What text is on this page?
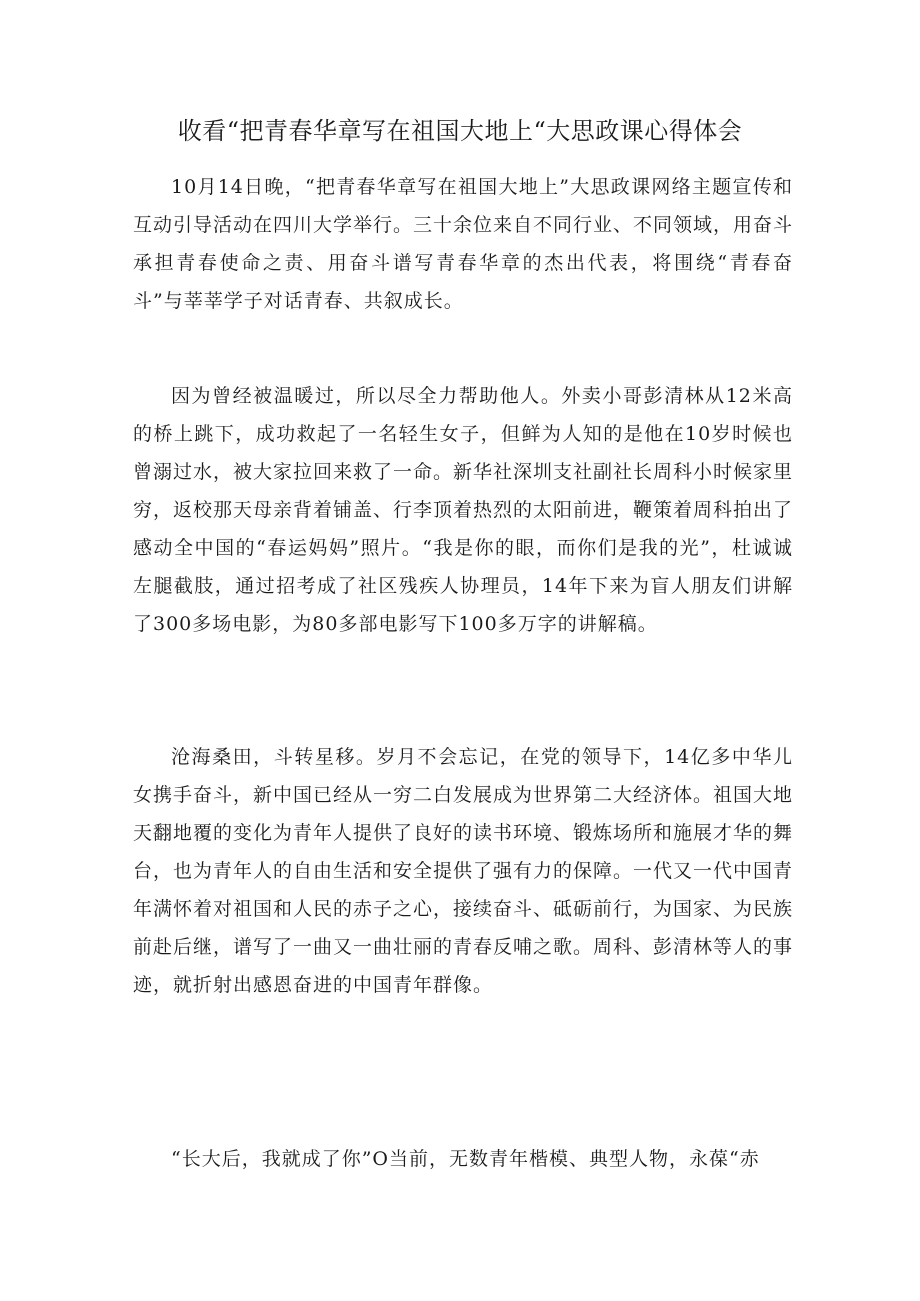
收看“把青春华章写在祖国大地上“大思政课心得体会

10月14日晚，“把青春华章写在祖国大地上”大思政课网络主题宣传和互动引导活动在四川大学举行。三十余位来自不同行业、不同领域，用奋斗承担青春使命之责、用奋斗谱写青春华章的杰出代表，将围绕“青春奋斗”与莘莘学子对话青春、共叙成长。

因为曾经被温暖过，所以尽全力帮助他人。外卖小哥彭清林从12米高的桥上跳下，成功救起了一名轻生女子，但鲜为人知的是他在10岁时候也曾溺过水，被大家拉回来救了一命。新华社深圳支社副社长周科小时候家里穷，返校那天母亲背着铺盖、行李顶着热烈的太阳前进，鞭策着周科拍出了感动全中国的“春运妈妈”照片。“我是你的眼，而你们是我的光”，杜诚诚左腿截肢，通过招考成了社区残疾人协理员，14年下来为盲人朋友们讲解了300多场电影，为80多部电影写下100多万字的讲解稿。

沧海桑田，斗转星移。岁月不会忘记，在党的领导下，14亿多中华儿女携手奋斗，新中国已经从一穷二白发展成为世界第二大经济体。祖国大地天翻地覆的变化为青年人提供了良好的读书环境、锻炼场所和施展才华的舞台，也为青年人的自由生活和安全提供了强有力的保障。一代又一代中国青年满怀着对祖国和人民的赤子之心，接续奋斗、砥砺前行，为国家、为民族前赴后继，谱写了一曲又一曲壮丽的青春反哺之歌。周科、彭清林等人的事迹，就折射出感恩奋进的中国青年群像。

“长大后，我就成了你”O当前，无数青年楷模、典型人物，永葆“赤
